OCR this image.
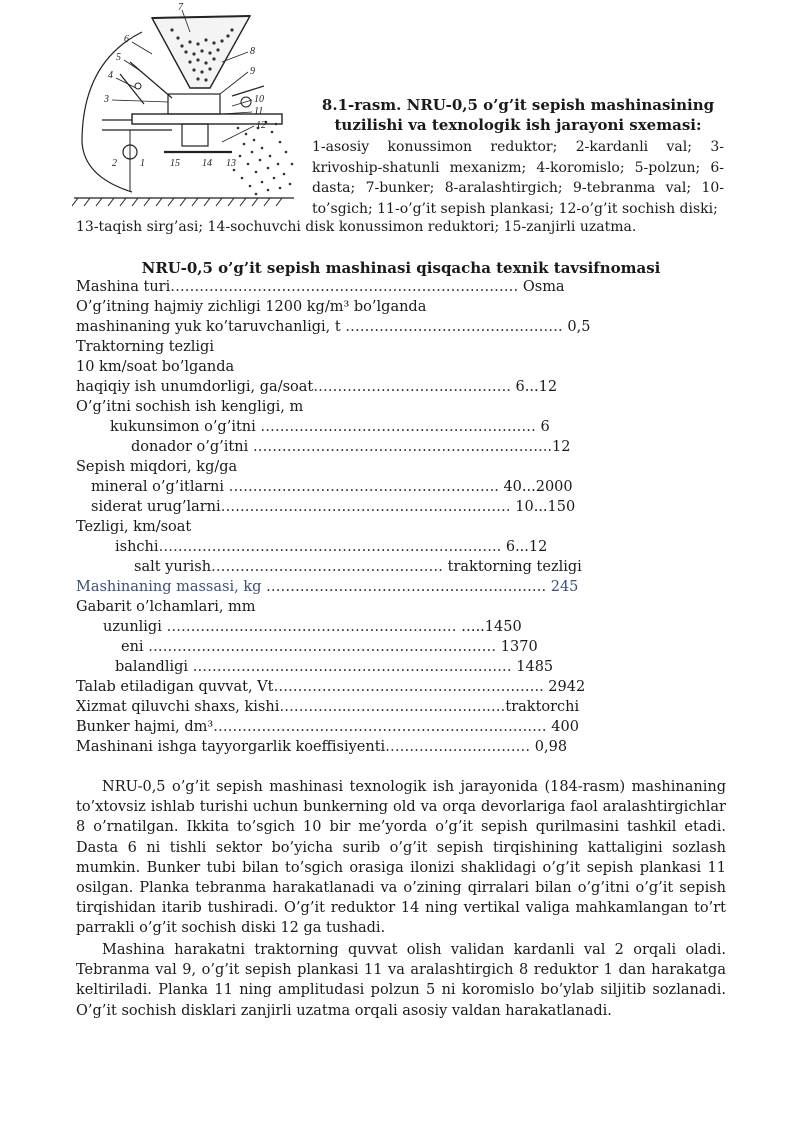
7
6
5
4
3
8
9
10
11
12
2 1	15 14 13
8.1-rasm. NRU-0,5 o’g’it sepish mashinasining
tuzilishi va texnologik ish jarayoni sxemasi:
1-asosiy konussimon reduktor; 2-kardanli val; 3-krivoship-shatunli mexanizm; 4-koromislo; 5-polzun; 6-dasta; 7-bunker; 8-aralashtirgich; 9-tebranma val; 10-to’sgich; 11-o’g’it sepish plankasi; 12-o’g’it sochish diski;
13-taqish sirg’asi; 14-sochuvchi disk konussimon reduktori; 15-zanjirli uzatma.
NRU-0,5 o’g’it sepish mashinasi qisqacha texnik tavsifnomasi
Mashina turi……………………………………………………………… Osma
O’g’itning hajmiy zichligi 1200 kg/m³ bo’lganda
mashinaning yuk ko’taruvchanligi, t ……………………………………… 0,5
Traktorning tezligi
10 km/soat bo’lganda
haqiqiy ish unumdorligi, ga/soat……………………….…………. 6...12
O’g’itni sochish ish kengligi, m
kukunsimon o’g’itni ………………………………………………… 6
donador o’g’itni ……………………………………………………..12
Sepish miqdori, kg/ga
mineral o’g’itlarni ……………………………………………….. 40...2000
siderat urug’larni…………………………………………………… 10...150
Tezligi, km/soat
ishchi…………………………………………………………….. 6...12
salt yurish………………………………………… traktorning tezligi
Mashinaning massasi, kg …………………………………………………. 245
Gabarit o’lchamlari, mm
uzunligi …………………………………………………… …..1450
eni ……………………………………………………………… 1370
balandligi ………………………………………………………… 1485
Talab etiladigan quvvat, Vt……………………………………………….. 2942
Xizmat qiluvchi shaxs, kishi…………...………………………..…traktorchi
Bunker hajmi, dm³…………………………………………………………… 400
Mashinani ishga tayyorgarlik koeffisiyenti………………………… 0,98

NRU-0,5 o’g’it sepish mashinasi texnologik ish jarayonida (184-rasm) mashinaning to’xtovsiz ishlab turishi uchun bunkerning old va orqa devorlariga faol aralashtirgichlar 8 o’rnatilgan. Ikkita to’sgich 10 bir me’yorda o’g’it sepish qurilmasini tashkil etadi. Dasta 6 ni tishli sektor bo’yicha surib o’g’it sepish tirqishining kattaligini sozlash mumkin. Bunker tubi bilan to’sgich orasiga ilonizi shaklidagi o’g’it sepish plankasi 11 osilgan. Planka tebranma harakatlanadi va o’zining qirralari bilan o’g’itni o’g’it sepish tirqishidan itarib tushiradi. O’g’it reduktor 14 ning vertikal valiga mahkamlangan to’rt parrakli o’g’it sochish diski 12 ga tushadi.

Mashina harakatni traktorning quvvat olish validan kardanli val 2 orqali oladi. Tebranma val 9, o’g’it sepish plankasi 11 va aralashtirgich 8 reduktor 1 dan harakatga keltiriladi. Planka 11 ning amplitudasi polzun 5 ni koromislo bo’ylab siljitib sozlanadi. O’g’it sochish disklari zanjirli uzatma orqali asosiy valdan harakatlanadi.
